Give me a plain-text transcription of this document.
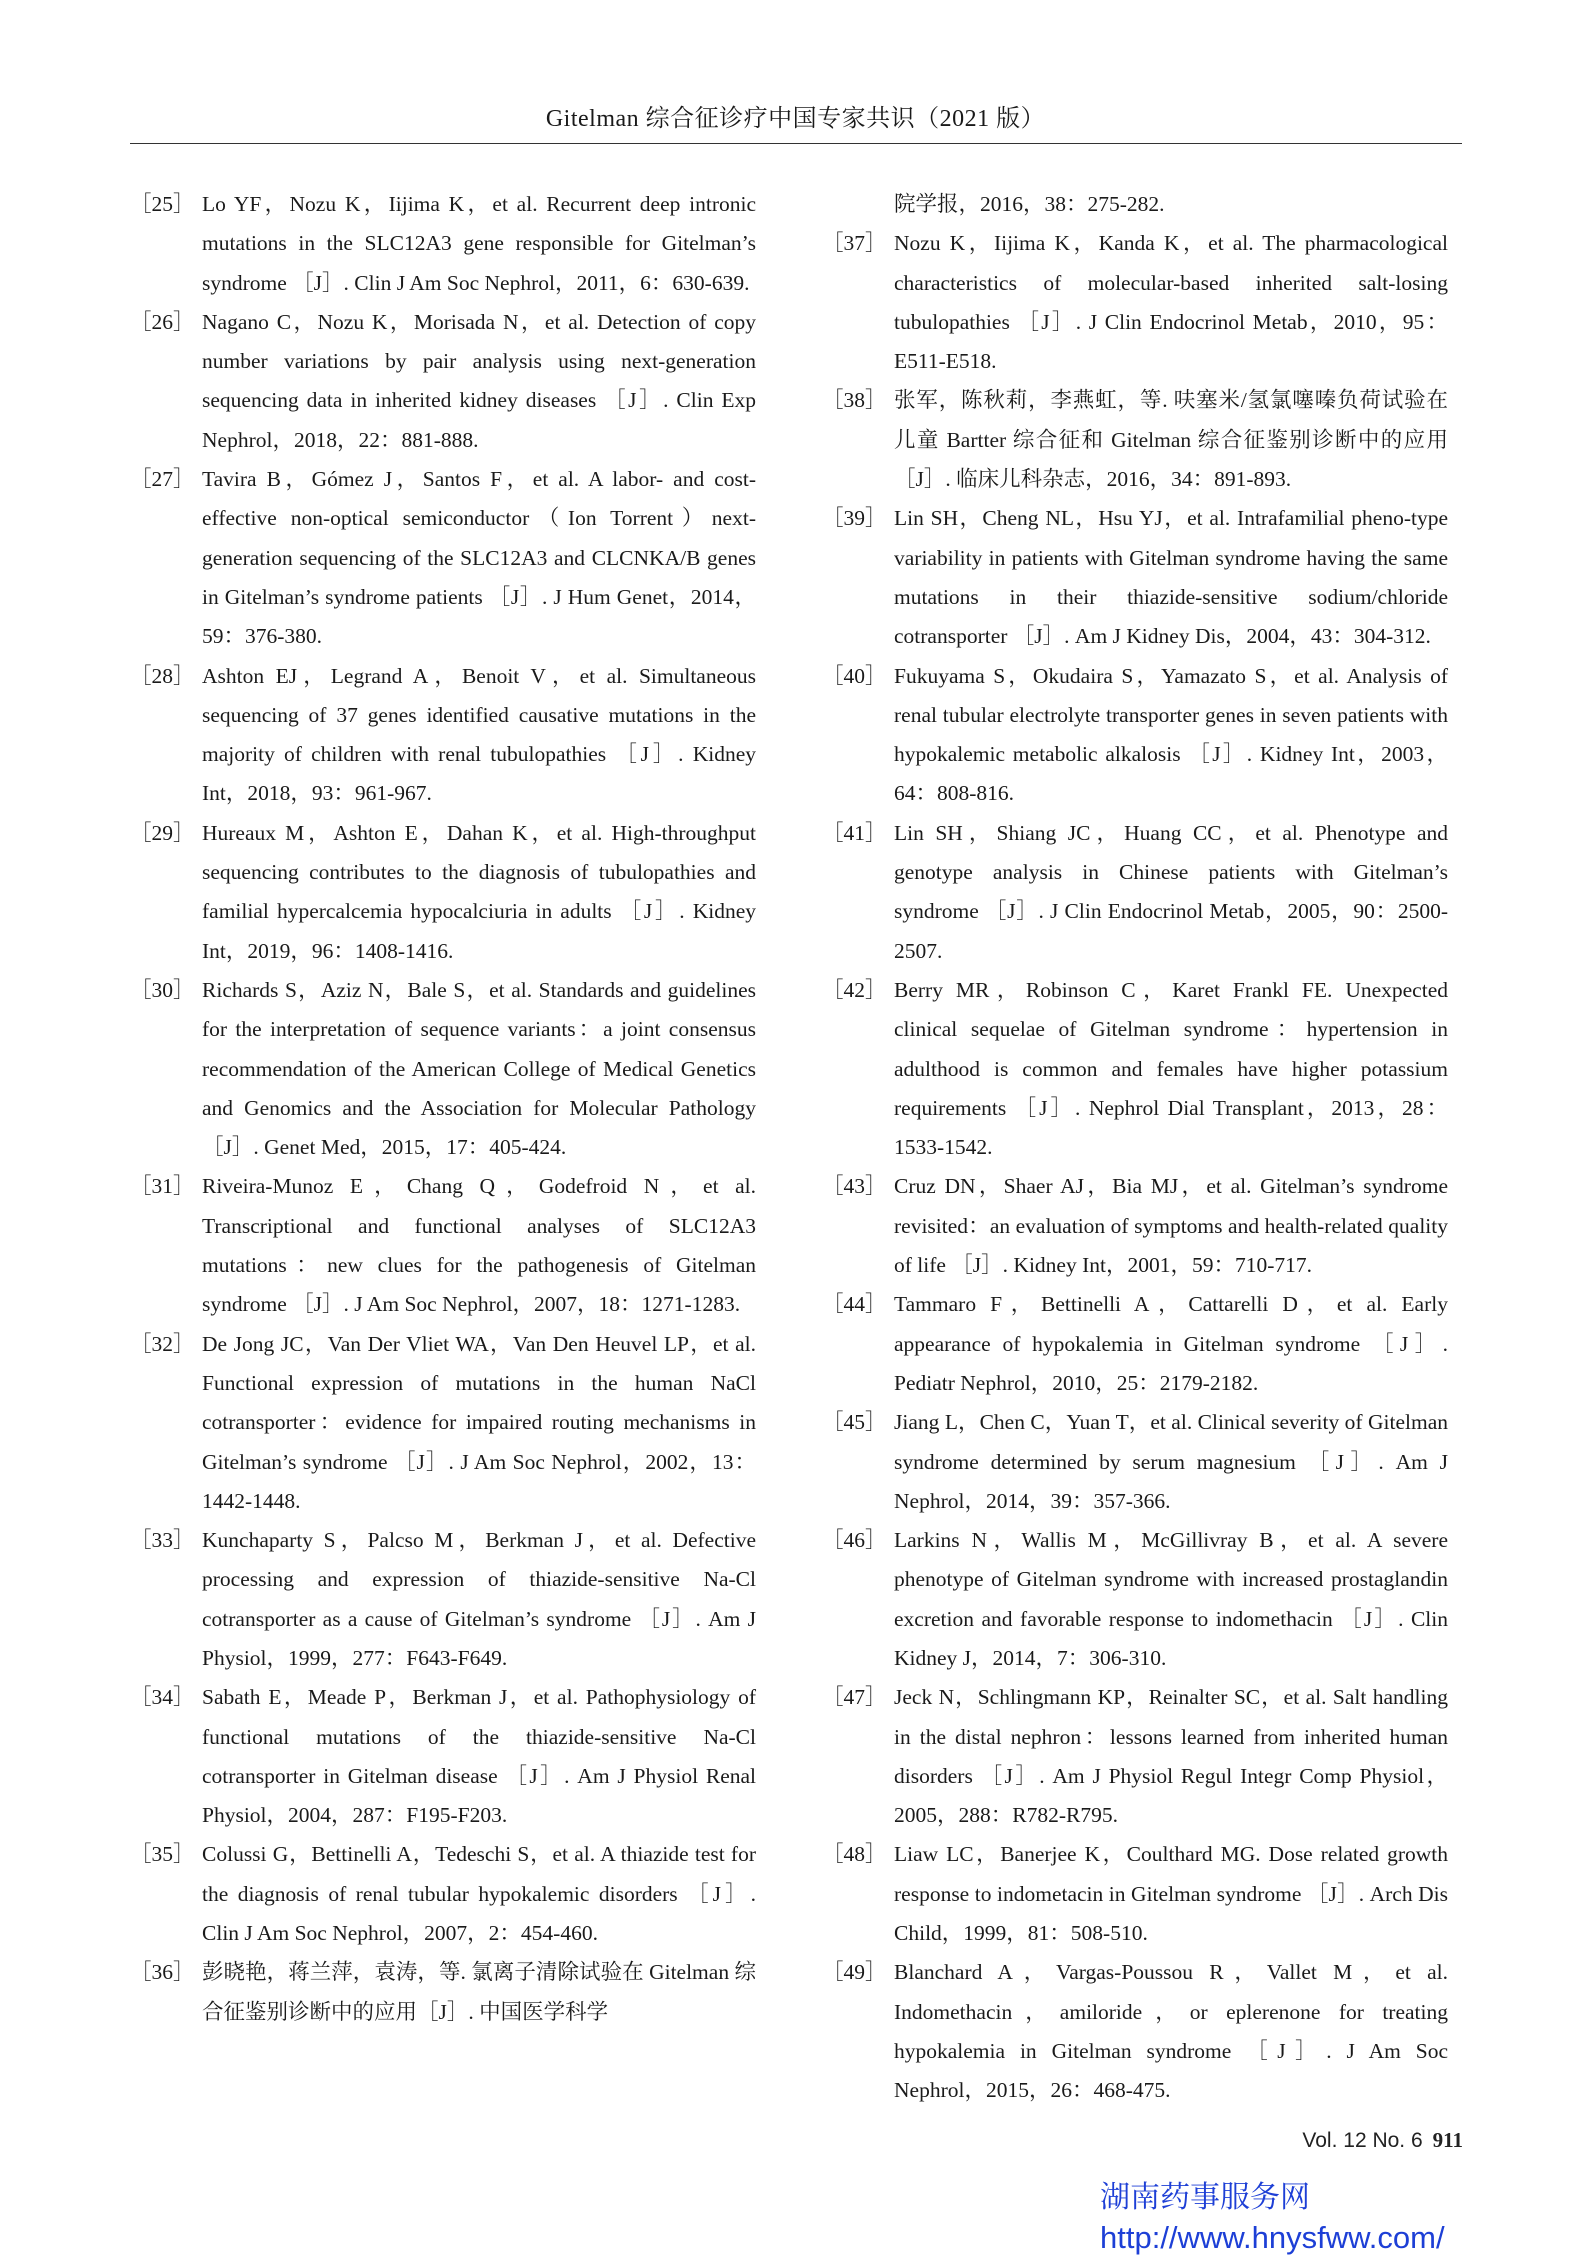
Gitelman 综合征诊疗中国专家共识（2021 版）
［25］ Lo YF，Nozu K，Iijima K，et al. Recurrent deep intronic mutations in the SLC12A3 gene responsible for Gitelman’s syndrome ［J］. Clin J Am Soc Nephrol，2011，6：630-639.
［26］ Nagano C，Nozu K，Morisada N，et al. Detection of copy number variations by pair analysis using next-generation sequencing data in inherited kidney diseases ［J］. Clin Exp Nephrol，2018，22：881-888.
［27］ Tavira B，Gómez J，Santos F，et al. A labor- and cost-effective non-optical semiconductor（Ion Torrent）next-generation sequencing of the SLC12A3 and CLCNKA/B genes in Gitelman’s syndrome patients ［J］. J Hum Genet，2014，59：376-380.
［28］ Ashton EJ，Legrand A，Benoit V，et al. Simultaneous sequencing of 37 genes identified causative mutations in the majority of children with renal tubulopathies ［J］. Kidney Int，2018，93：961-967.
［29］ Hureaux M，Ashton E，Dahan K，et al. High-throughput sequencing contributes to the diagnosis of tubulopathies and familial hypercalcemia hypocalciuria in adults ［J］. Kidney Int，2019，96：1408-1416.
［30］ Richards S，Aziz N，Bale S，et al. Standards and guidelines for the interpretation of sequence variants：a joint consensus recommendation of the American College of Medical Genetics and Genomics and the Association for Molecular Pathology ［J］. Genet Med，2015，17：405-424.
［31］ Riveira-Munoz E，Chang Q，Godefroid N，et al. Transcriptional and functional analyses of SLC12A3 mutations：new clues for the pathogenesis of Gitelman syndrome ［J］. J Am Soc Nephrol，2007，18：1271-1283.
［32］ De Jong JC，Van Der Vliet WA，Van Den Heuvel LP，et al. Functional expression of mutations in the human NaCl cotransporter：evidence for impaired routing mechanisms in Gitelman’s syndrome ［J］. J Am Soc Nephrol，2002，13：1442-1448.
［33］ Kunchaparty S，Palcso M，Berkman J，et al. Defective processing and expression of thiazide-sensitive Na-Cl cotransporter as a cause of Gitelman’s syndrome ［J］. Am J Physiol，1999，277：F643-F649.
［34］ Sabath E，Meade P，Berkman J，et al. Pathophysiology of functional mutations of the thiazide-sensitive Na-Cl cotransporter in Gitelman disease ［J］. Am J Physiol Renal Physiol，2004，287：F195-F203.
［35］ Colussi G，Bettinelli A，Tedeschi S，et al. A thiazide test for the diagnosis of renal tubular hypokalemic disorders ［J］. Clin J Am Soc Nephrol，2007，2：454-460.
［36］ 彭晓艳，蒋兰萍，袁涛，等. 氯离子清除试验在 Gitelman 综合征鉴别诊断中的应用［J］. 中国医学科学
院学报，2016，38：275-282.
［37］ Nozu K，Iijima K，Kanda K，et al. The pharmacological characteristics of molecular-based inherited salt-losing tubulopathies ［J］. J Clin Endocrinol Metab，2010，95：E511-E518.
［38］ 张军，陈秋莉，李燕虹，等. 呋塞米/氢氯噻嗪负荷试验在儿童 Bartter 综合征和 Gitelman 综合征鉴别诊断中的应用［J］. 临床儿科杂志，2016，34：891-893.
［39］ Lin SH，Cheng NL，Hsu YJ，et al. Intrafamilial pheno-type variability in patients with Gitelman syndrome having the same mutations in their thiazide-sensitive sodium/chloride cotransporter ［J］. Am J Kidney Dis，2004，43：304-312.
［40］ Fukuyama S，Okudaira S，Yamazato S，et al. Analysis of renal tubular electrolyte transporter genes in seven patients with hypokalemic metabolic alkalosis ［J］. Kidney Int，2003，64：808-816.
［41］ Lin SH，Shiang JC，Huang CC，et al. Phenotype and genotype analysis in Chinese patients with Gitelman’s syndrome ［J］. J Clin Endocrinol Metab，2005，90：2500-2507.
［42］ Berry MR，Robinson C，Karet Frankl FE. Unexpected clinical sequelae of Gitelman syndrome：hypertension in adulthood is common and females have higher potassium requirements ［J］. Nephrol Dial Transplant，2013，28：1533-1542.
［43］ Cruz DN，Shaer AJ，Bia MJ，et al. Gitelman’s syndrome revisited：an evaluation of symptoms and health-related quality of life ［J］. Kidney Int，2001，59：710-717.
［44］ Tammaro F，Bettinelli A，Cattarelli D，et al. Early appearance of hypokalemia in Gitelman syndrome ［J］. Pediatr Nephrol，2010，25：2179-2182.
［45］ Jiang L，Chen C，Yuan T，et al. Clinical severity of Gitelman syndrome determined by serum magnesium ［J］. Am J Nephrol，2014，39：357-366.
［46］ Larkins N，Wallis M，McGillivray B，et al. A severe phenotype of Gitelman syndrome with increased prostaglandin excretion and favorable response to indomethacin ［J］. Clin Kidney J，2014，7：306-310.
［47］ Jeck N，Schlingmann KP，Reinalter SC，et al. Salt handling in the distal nephron：lessons learned from inherited human disorders ［J］. Am J Physiol Regul Integr Comp Physiol，2005，288：R782-R795.
［48］ Liaw LC，Banerjee K，Coulthard MG. Dose related growth response to indometacin in Gitelman syndrome ［J］. Arch Dis Child，1999，81：508-510.
［49］ Blanchard A，Vargas-Poussou R，Vallet M，et al. Indomethacin，amiloride，or eplerenone for treating hypokalemia in Gitelman syndrome ［J］. J Am Soc Nephrol，2015，26：468-475.
Vol. 12 No. 6 911
湖南药事服务网
http://www.hnysfww.com/
